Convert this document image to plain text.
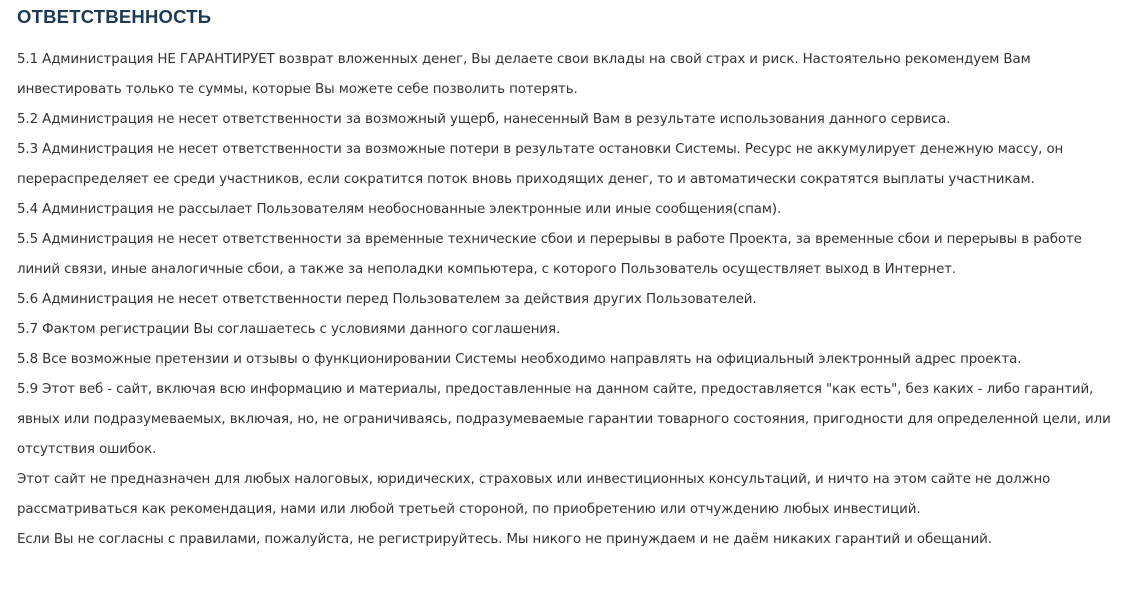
ОТВЕТСТВЕННОСТЬ

5.1 Администрация НЕ ГАРАНТИРУЕТ возврат вложенных денег, Вы делаете свои вклады на свой страх и риск. Настоятельно рекомендуем Вам инвестировать только те суммы, которые Вы можете себе позволить потерять.

5.2 Администрация не несет ответственности за возможный ущерб, нанесенный Вам в результате использования данного сервиса.

5.3 Администрация не несет ответственности за возможные потери в результате остановки Системы. Ресурс не аккумулирует денежную массу, он перераспределяет ее среди участников, если сократится поток вновь приходящих денег, то и автоматически сократятся выплаты участникам.

5.4 Администрация не рассылает Пользователям необоснованные электронные или иные сообщения(спам).

5.5 Администрация не несет ответственности за временные технические сбои и перерывы в работе Проекта, за временные сбои и перерывы в работе линий связи, иные аналогичные сбои, а также за неполадки компьютера, с которого Пользователь осуществляет выход в Интернет.

5.6 Администрация не несет ответственности перед Пользователем за действия других Пользователей.

5.7 Фактом регистрации Вы соглашаетесь с условиями данного соглашения.

5.8 Все возможные претензии и отзывы о функционировании Системы необходимо направлять на официальный электронный адрес проекта.

5.9 Этот веб - сайт, включая всю информацию и материалы, предоставленные на данном сайте, предоставляется "как есть", без каких - либо гарантий, явных или подразумеваемых, включая, но, не ограничиваясь, подразумеваемые гарантии товарного состояния, пригодности для определенной цели, или отсутствия ошибок.

Этот сайт не предназначен для любых налоговых, юридических, страховых или инвестиционных консультаций, и ничто на этом сайте не должно рассматриваться как рекомендация, нами или любой третьей стороной, по приобретению или отчуждению любых инвестиций.

Если Вы не согласны с правилами, пожалуйста, не регистрируйтесь. Мы никого не принуждаем и не даём никаких гарантий и обещаний.
